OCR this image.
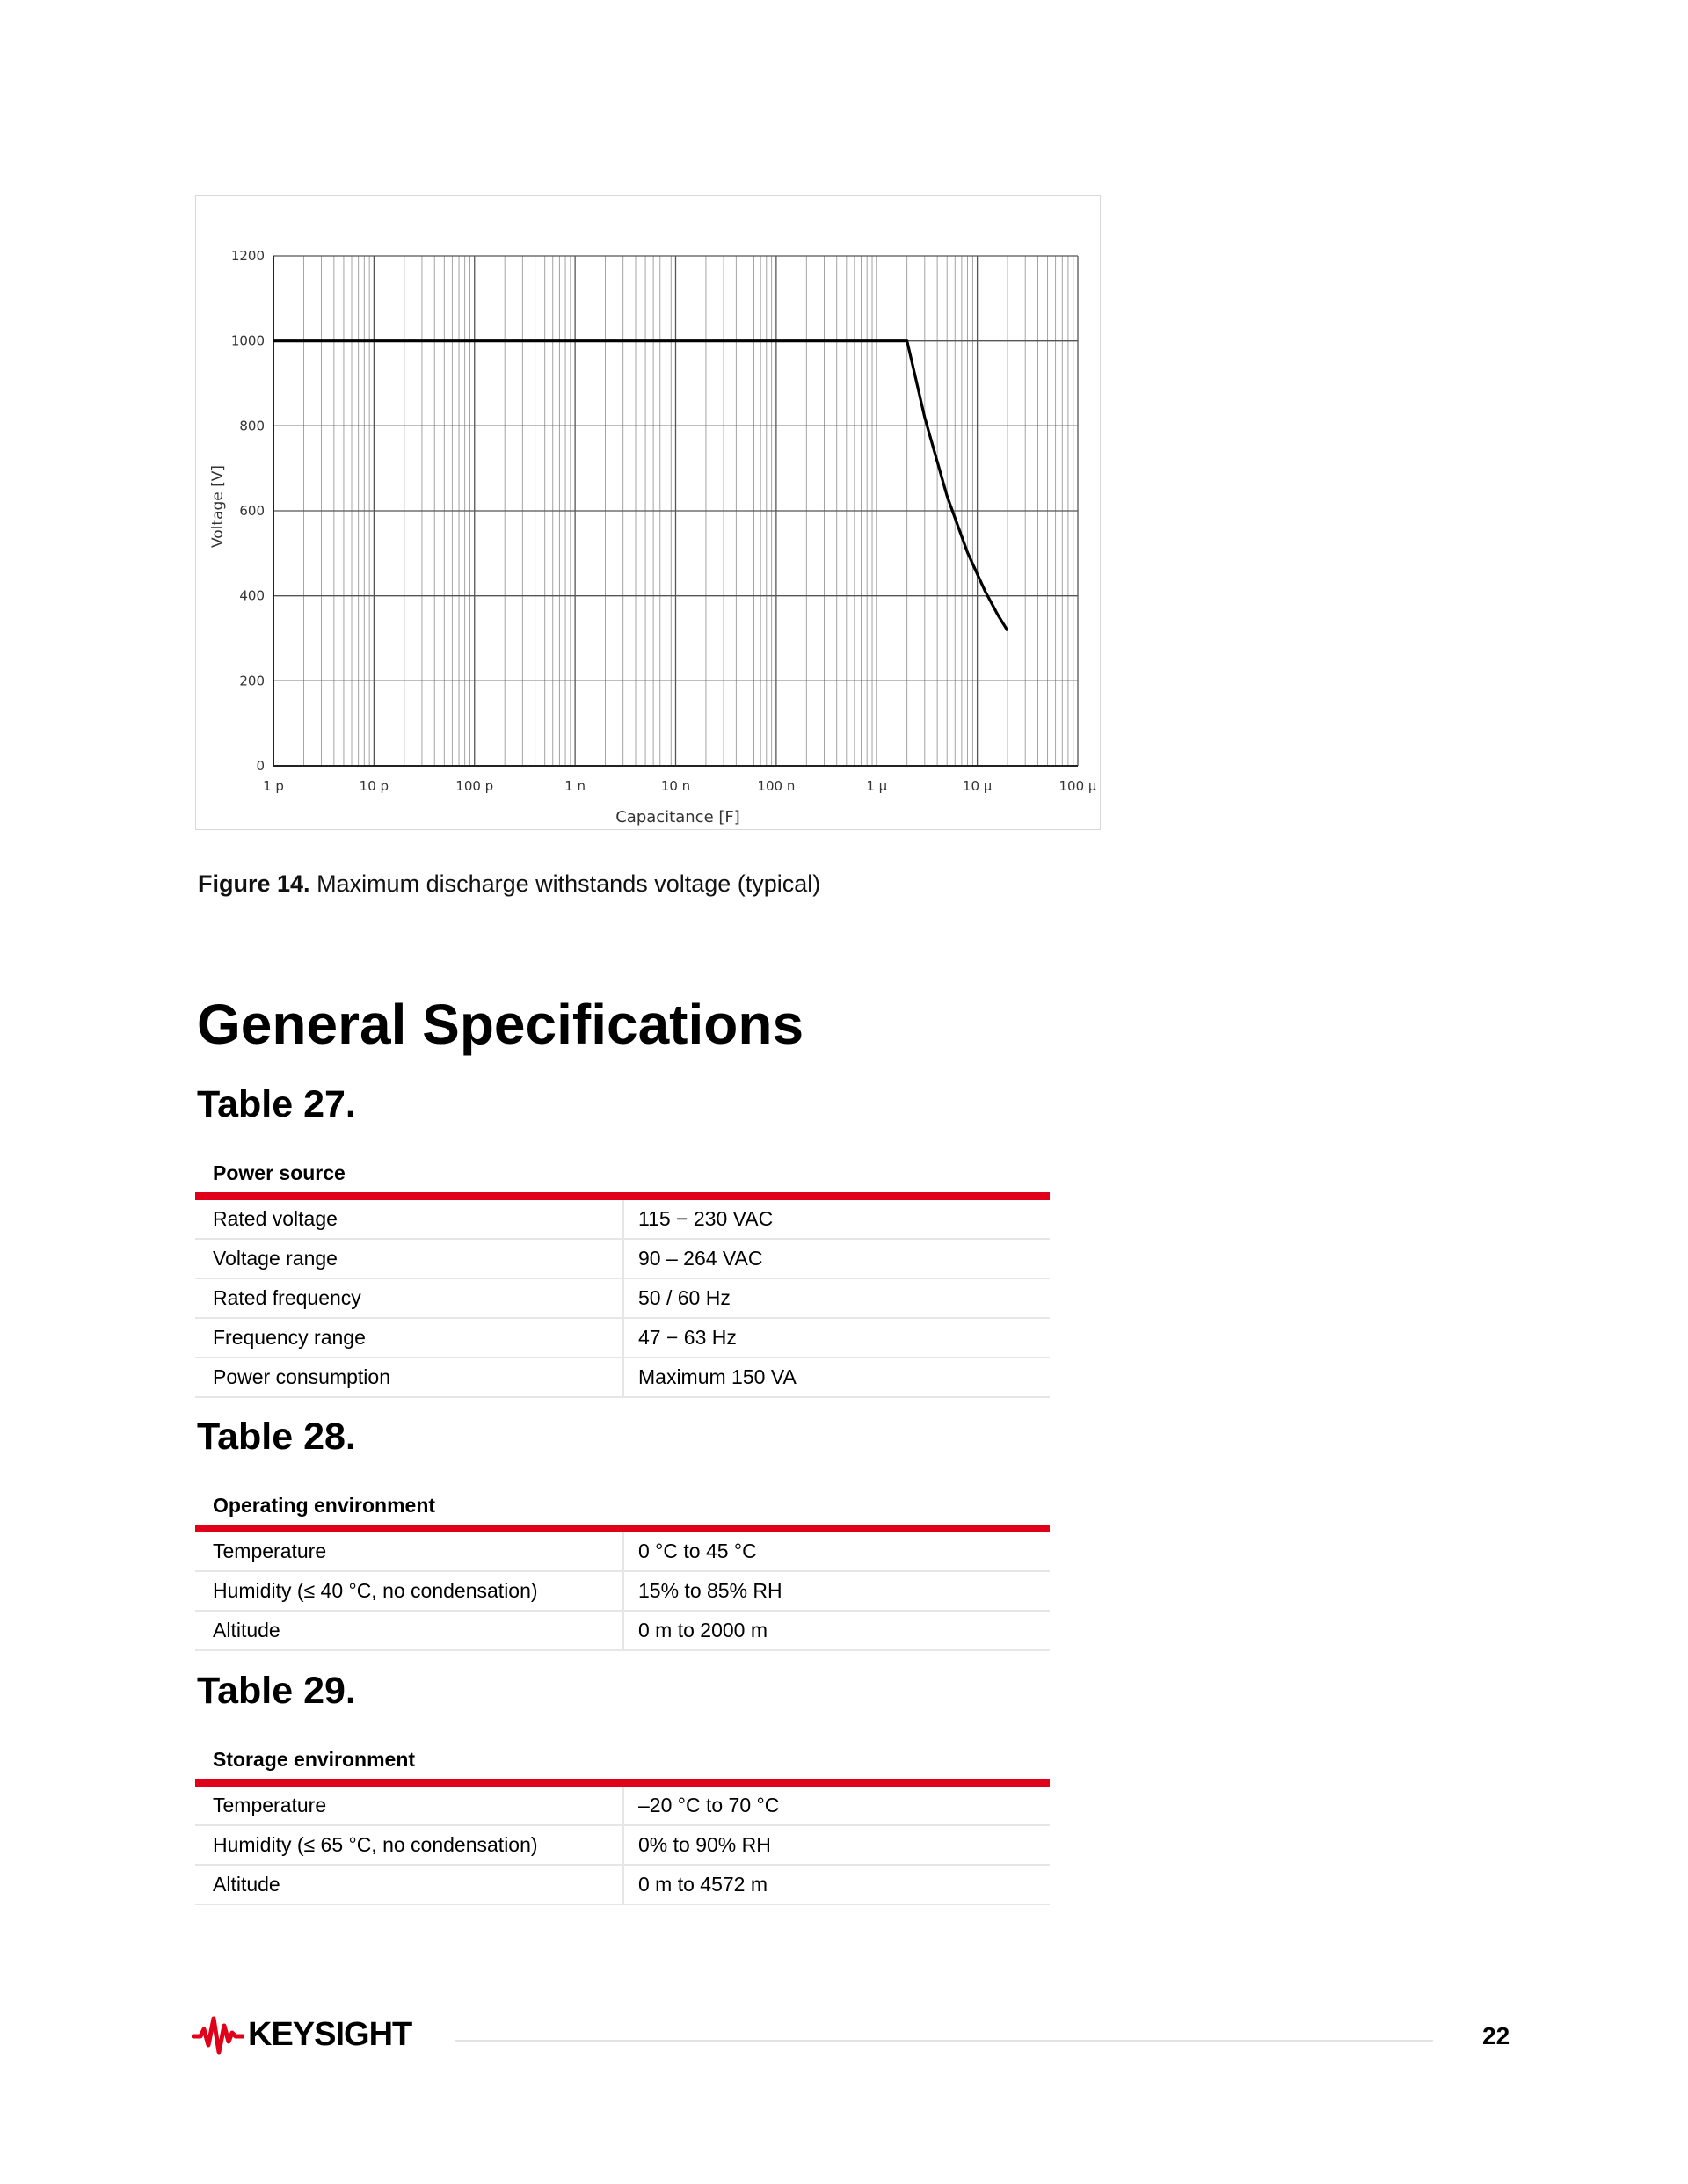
1 p	10 p	100 p	1 n	10 n	100 n	1 µ	10 µ	100 µ
0
200
400
600
800
1000
1200
Voltage [V]
Capacitance [F]
Figure 14. Maximum discharge withstands voltage (typical)
General Specifications
Table 27.
Power source	
Rated voltage	115 − 230 VAC
Voltage range	90 – 264 VAC
Rated frequency	50 / 60 Hz
Frequency range	47 − 63 Hz
Power consumption	Maximum 150 VA
Table 28.
Operating environment	
Temperature	0 °C to 45 °C
Humidity (≤ 40 °C, no condensation)	15% to 85% RH
Altitude	0 m to 2000 m
Table 29.
Storage environment	
Temperature	–20 °C to 70 °C
Humidity (≤ 65 °C, no condensation)	0% to 90% RH
Altitude	0 m to 4572 m
KEYSIGHT	22
